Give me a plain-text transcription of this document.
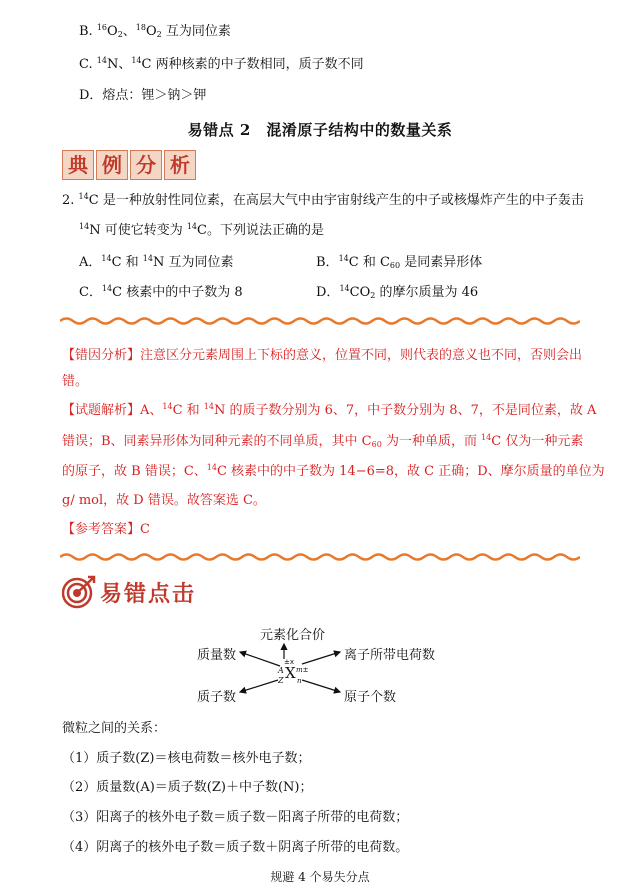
B. $^{16}O_2$、$^{18}O_2$ 互为同位素
C. $^{14}$N、$^{14}$C 两种核素的中子数相同，质子数不同
D．熔点：锂＞钠＞钾
易错点 2　混淆原子结构中的数量关系
典 例 分 析
2. $^{14}$C 是一种放射性同位素，在高层大气中由宇宙射线产生的中子或核爆炸产生的中子轰击
$^{14}$N 可使它转变为 $^{14}$C。下列说法正确的是
A．$^{14}$C 和 $^{14}$N 互为同位素	B．$^{14}$C 和 $C_{60}$ 是同素异形体
C．$^{14}$C 核素中的中子数为 8	D．$^{14}CO_2$ 的摩尔质量为 46
【错因分析】注意区分元素周围上下标的意义，位置不同，则代表的意义也不同，否则会出
错。
【试题解析】A、$^{14}$C 和 $^{14}$N 的质子数分别为 6、7，中子数分别为 8、7，不是同位素，故 A
错误；B、同素异形体为同种元素的不同单质，其中 $C_{60}$ 为一种单质，而 $^{14}$C 仅为一种元素
的原子，故 B 错误；C、$^{14}$C 核素中的中子数为 14−6=8，故 C 正确；D、摩尔质量的单位为
g/ mol，故 D 错误。故答案选 C。
【参考答案】C
易错点击
元素化合价
质量数	离子所带电荷数
质子数	原子个数
±x
A
Z X m±
n
微粒之间的关系：
（1）质子数(Z)＝核电荷数＝核外电子数；
（2）质量数(A)＝质子数(Z)＋中子数(N)；
（3）阳离子的核外电子数＝质子数－阳离子所带的电荷数；
（4）阴离子的核外电子数＝质子数＋阴离子所带的电荷数。
规避 4 个易失分点
